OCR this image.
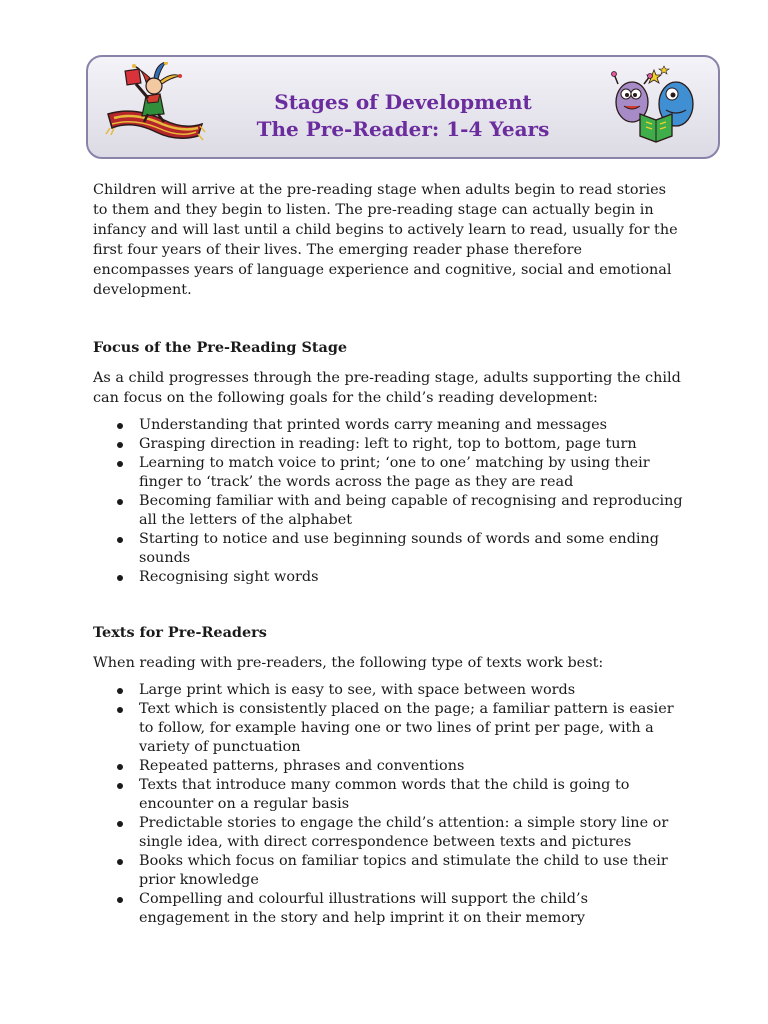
Stages of Development
The Pre-Reader: 1-4 Years

Children will arrive at the pre-reading stage when adults begin to read stories to them and they begin to listen. The pre-reading stage can actually begin in infancy and will last until a child begins to actively learn to read, usually for the first four years of their lives. The emerging reader phase therefore encompasses years of language experience and cognitive, social and emotional development.

Focus of the Pre-Reading Stage

As a child progresses through the pre-reading stage, adults supporting the child can focus on the following goals for the child’s reading development:

Understanding that printed words carry meaning and messages
Grasping direction in reading: left to right, top to bottom, page turn
Learning to match voice to print; ‘one to one’ matching by using their finger to ‘track’ the words across the page as they are read
Becoming familiar with and being capable of recognising and reproducing all the letters of the alphabet
Starting to notice and use beginning sounds of words and some ending sounds
Recognising sight words
Texts for Pre-Readers

When reading with pre-readers, the following type of texts work best:

Large print which is easy to see, with space between words
Text which is consistently placed on the page; a familiar pattern is easier to follow, for example having one or two lines of print per page, with a variety of punctuation
Repeated patterns, phrases and conventions
Texts that introduce many common words that the child is going to encounter on a regular basis
Predictable stories to engage the child’s attention: a simple story line or single idea, with direct correspondence between texts and pictures
Books which focus on familiar topics and stimulate the child to use their prior knowledge
Compelling and colourful illustrations will support the child’s engagement in the story and help imprint it on their memory
